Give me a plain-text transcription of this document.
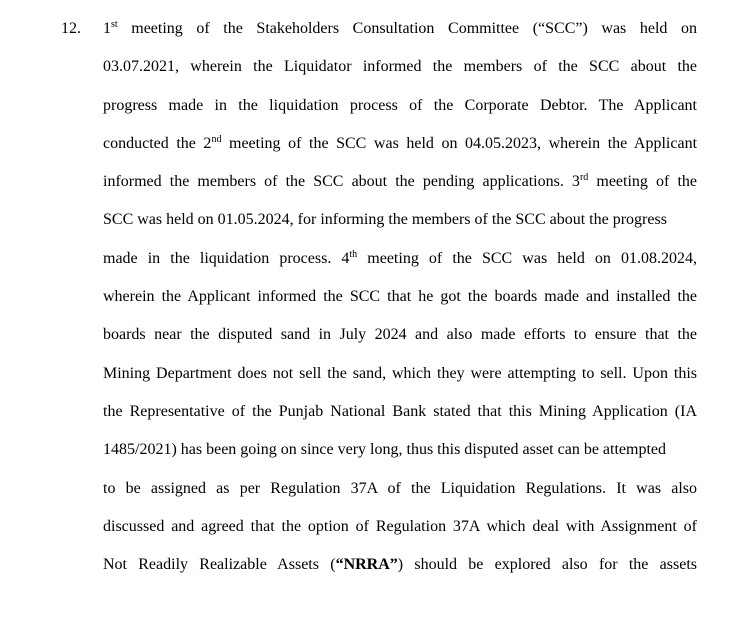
12. 1st meeting of the Stakeholders Consultation Committee (“SCC”) was held on
03.07.2021, wherein the Liquidator informed the members of the SCC about the
progress made in the liquidation process of the Corporate Debtor. The Applicant
conducted the 2nd meeting of the SCC was held on 04.05.2023, wherein the Applicant
informed the members of the SCC about the pending applications. 3rd meeting of the
SCC was held on 01.05.2024, for informing the members of the SCC about the progress
made in the liquidation process. 4th meeting of the SCC was held on 01.08.2024,
wherein the Applicant informed the SCC that he got the boards made and installed the
boards near the disputed sand in July 2024 and also made efforts to ensure that the
Mining Department does not sell the sand, which they were attempting to sell. Upon this
the Representative of the Punjab National Bank stated that this Mining Application (IA
1485/2021) has been going on since very long, thus this disputed asset can be attempted
to be assigned as per Regulation 37A of the Liquidation Regulations. It was also
discussed and agreed that the option of Regulation 37A which deal with Assignment of
Not Readily Realizable Assets (“NRRA”) should be explored also for the assets
